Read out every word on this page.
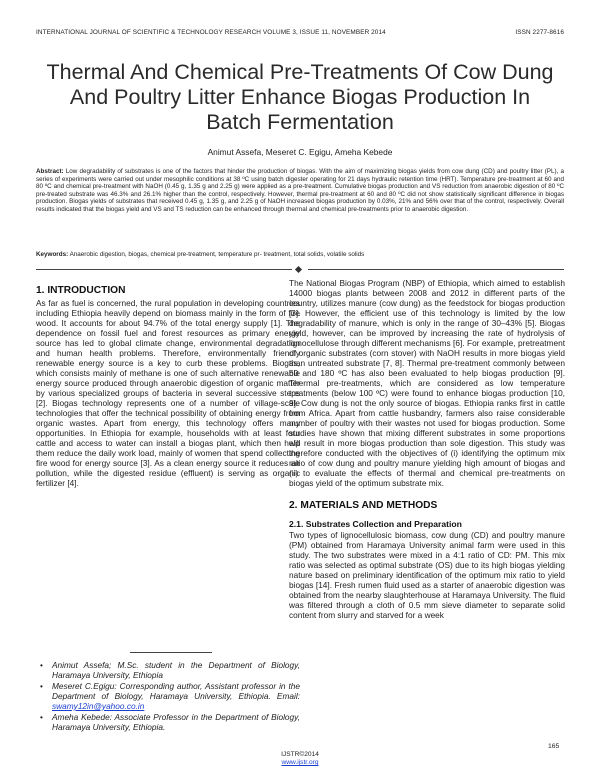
INTERNATIONAL JOURNAL OF SCIENTIFIC & TECHNOLOGY RESEARCH VOLUME 3, ISSUE 11, NOVEMBER 2014	ISSN 2277-8616
Thermal And Chemical Pre-Treatments Of Cow Dung And Poultry Litter Enhance Biogas Production In Batch Fermentation
Animut Assefa, Meseret C. Egigu, Ameha Kebede
Abstract: Low degradability of substrates is one of the factors that hinder the production of biogas. With the aim of maximizing biogas yields from cow dung (CD) and poultry litter (PL), a series of experiments were carried out under mesophilic conditions at 38 ºC using batch digester operating for 21 days hydraulic retention time (HRT). Temperature pre-treatment at 60 and 80 ºC and chemical pre-treatment with NaOH (0.45 g, 1.35 g and 2.25 g) were applied as a pre-treatment. Cumulative biogas production and VS reduction from anaerobic digestion of 80 ºC pre-treated substrate was 46.3% and 26.1% higher than the control, respectively. However, thermal pre-treatment at 60 and 80 ºC did not show statistically significant difference in biogas production. Biogas yields of substrates that received 0.45 g, 1.35 g, and 2.25 g of NaOH increased biogas production by 0.03%, 21% and 56% over that of the control, respectively. Overall results indicated that the biogas yield and VS and TS reduction can be enhanced through thermal and chemical pre-treatments prior to anaerobic digestion.
Keywords: Anaerobic digestion, biogas, chemical pre-treatment, temperature pr- treatment, total solids, volatile solids
1. INTRODUCTION

As far as fuel is concerned, the rural population in developing countries including Ethiopia heavily depend on biomass mainly in the form of fire wood. It accounts for about 94.7% of the total energy supply [1]. The dependence on fossil fuel and forest resources as primary energy source has led to global climate change, environmental degradation and human health problems. Therefore, environmentally friendly renewable energy source is a key to curb these problems. Biogas, which consists mainly of methane is one of such alternative renewable energy source produced through anaerobic digestion of organic matter by various specialized groups of bacteria in several successive steps [2]. Biogas technology represents one of a number of village-scale technologies that offer the technical possibility of obtaining energy from organic wastes. Apart from energy, this technology offers many opportunities. In Ethiopia for example, households with at least four cattle and access to water can install a biogas plant, which then help them reduce the daily work load, mainly of women that spend collecting fire wood for energy source [3]. As a clean energy source it reduces air pollution, while the digested residue (effluent) is serving as organic fertilizer [4].

• Animut Assefa; M.Sc. student in the Department of Biology, Haramaya University, Ethiopia
• Meseret C.Egigu: Corresponding author, Assistant professor in the Department of Biology, Haramaya University, Ethiopia. Email: swamy12in@yahoo.co.in
• Ameha Kebede: Associate Professor in the Department of Biology, Haramaya University, Ethiopia.

The National Biogas Program (NBP) of Ethiopia, which aimed to establish 14000 biogas plants between 2008 and 2012 in different parts of the country, utilizes manure (cow dung) as the feedstock for biogas production [3]. However, the efficient use of this technology is limited by the low degradability of manure, which is only in the range of 30–43% [5]. Biogas yield, however, can be improved by increasing the rate of hydrolysis of lignocellulose through different mechanisms [6]. For example, pretreatment of organic substrates (corn stover) with NaOH results in more biogas yield than untreated substrate [7, 8]. Thermal pre-treatment commonly between 60 and 180 ºC has also been evaluated to help biogas production [9]. Thermal pre-treatments, which are considered as low temperature treatments (below 100 ºC) were found to enhance biogas production [10, 9]. Cow dung is not the only source of biogas. Ethiopia ranks first in cattle from Africa. Apart from cattle husbandry, farmers also raise considerable number of poultry with their wastes not used for biogas production. Some studies have shown that mixing different substrates in some proportions will result in more biogas production than sole digestion. This study was therefore conducted with the objectives of (i) identifying the optimum mix ratio of cow dung and poultry manure yielding high amount of biogas and (ii) to evaluate the effects of thermal and chemical pre-treatments on biogas yield of the optimum substrate mix.

2. MATERIALS AND METHODS
2.1. Substrates Collection and Preparation

Two types of lignocellulosic biomass, cow dung (CD) and poultry manure (PM) obtained from Haramaya University animal farm were used in this study. The two substrates were mixed in a 4:1 ratio of CD: PM. This mix ratio was selected as optimal substrate (OS) due to its high biogas yielding nature based on preliminary identification of the optimum mix ratio to yield biogas [14]. Fresh rumen fluid used as a starter of anaerobic digestion was obtained from the nearby slaughterhouse at Haramaya University. The fluid was filtered through a cloth of 0.5 mm sieve diameter to separate solid content from slurry and starved for a week

165
IJSTR©2014
www.ijstr.org
